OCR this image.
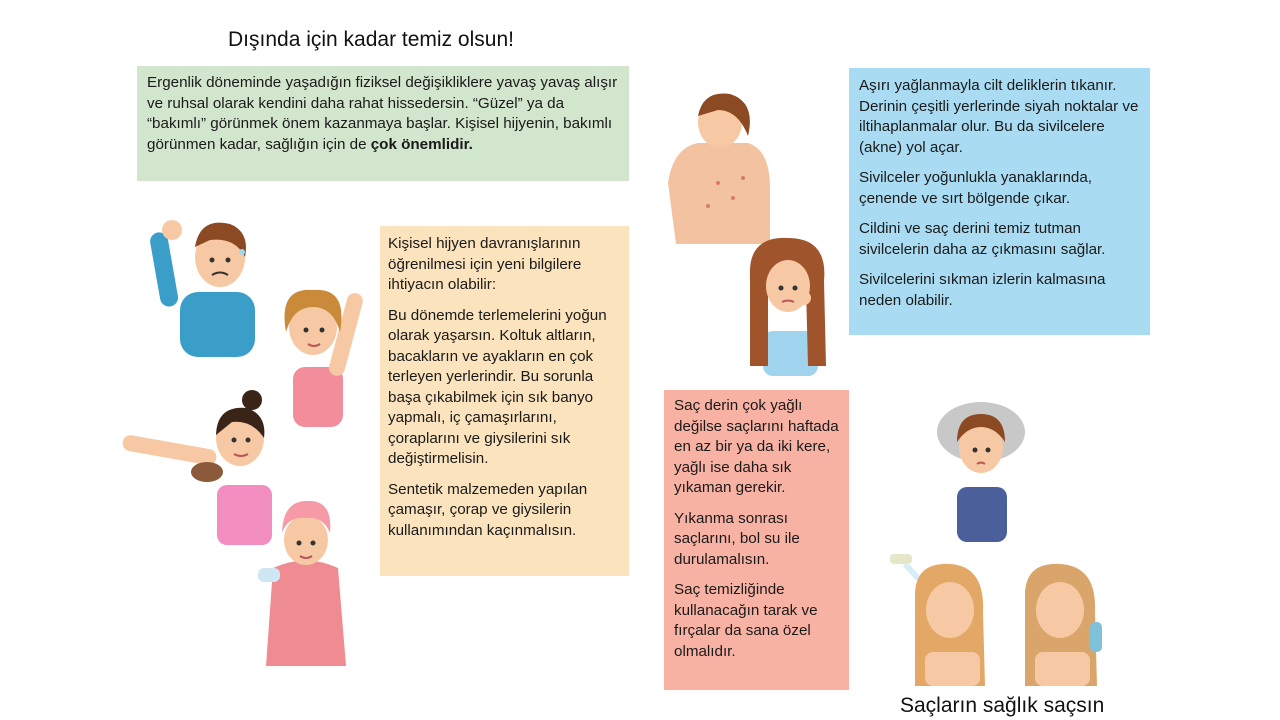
Dışında için kadar temiz olsun!
Ergenlik döneminde yaşadığın fiziksel değişikliklere yavaş yavaş alışır ve ruhsal olarak kendini daha rahat hissedersin. “Güzel” ya da “bakımlı” görünmek önem kazanmaya başlar. Kişisel hijyenin, bakımlı görünmen kadar, sağlığın için de çok önemlidir.

Kişisel hijyen davranışlarının öğrenilmesi için yeni bilgilere ihtiyacın olabilir:

Bu dönemde terlemelerini yoğun olarak yaşarsın. Koltuk altların, bacakların ve ayakların en çok terleyen yerlerindir. Bu sorunla başa çıkabilmek için sık banyo yapmalı, iç çamaşırlarını, çoraplarını ve giysilerini sık değiştirmelisin.

Sentetik malzemeden yapılan çamaşır, çorap ve giysilerin kullanımından kaçınmalısın.

Aşırı yağlanmayla cilt deliklerin tıkanır. Derinin çeşitli yerlerinde siyah noktalar ve iltihaplanmalar olur. Bu da sivilcelere (akne) yol açar.

Sivilceler yoğunlukla yanaklarında, çenende ve sırt bölgende çıkar.

Cildini ve saç derini temiz tutman sivilcelerin daha az çıkmasını sağlar.

Sivilcelerini sıkman izlerin kalmasına neden olabilir.

Saç derin çok yağlı değilse saçlarını haftada en az bir ya da iki kere, yağlı ise daha sık yıkaman gerekir.

Yıkanma sonrası saçlarını, bol su ile durulamalısın.

Saç temizliğinde kullanacağın tarak ve fırçalar da sana özel olmalıdır.

Saçların sağlık saçsın
